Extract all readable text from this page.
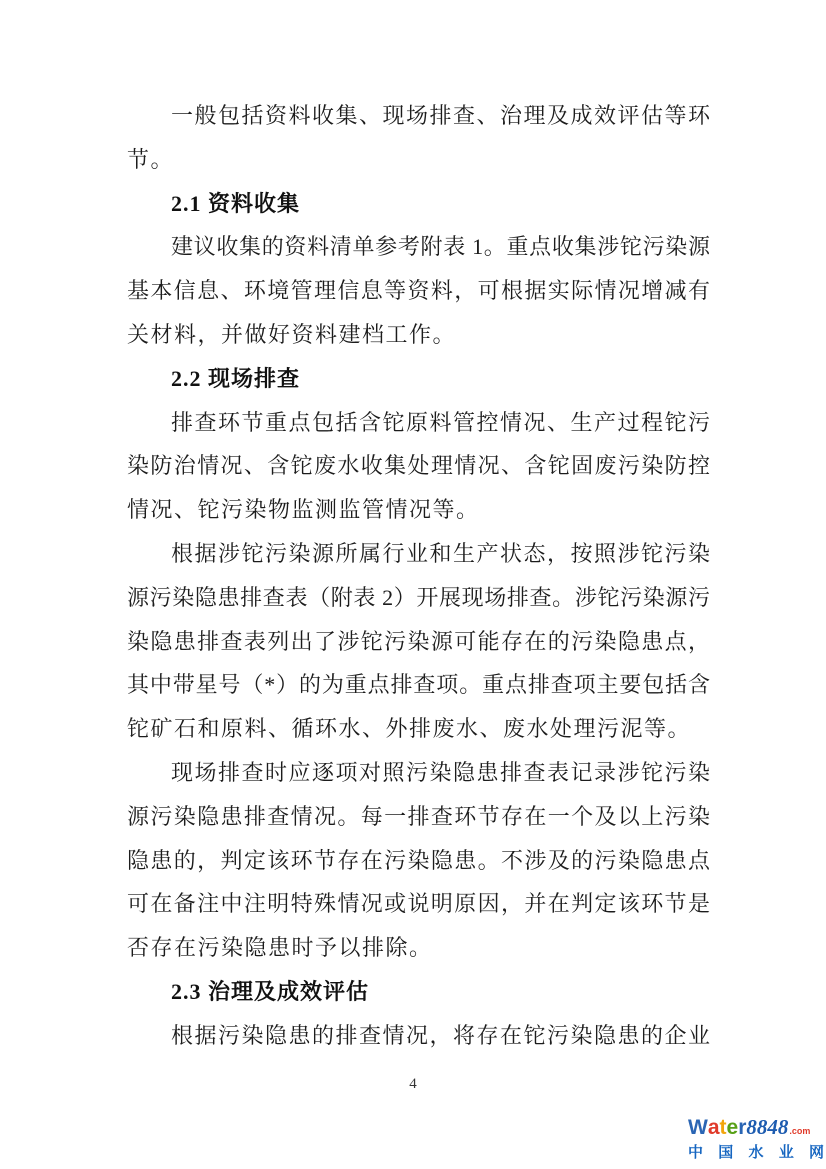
一般包括资料收集、现场排查、治理及成效评估等环
节。
2.1 资料收集
建议收集的资料清单参考附表 1。重点收集涉铊污染源
基本信息、环境管理信息等资料，可根据实际情况增减有
关材料，并做好资料建档工作。
2.2 现场排查
排查环节重点包括含铊原料管控情况、生产过程铊污
染防治情况、含铊废水收集处理情况、含铊固废污染防控
情况、铊污染物监测监管情况等。
根据涉铊污染源所属行业和生产状态，按照涉铊污染
源污染隐患排查表（附表 2）开展现场排查。涉铊污染源污
染隐患排查表列出了涉铊污染源可能存在的污染隐患点，
其中带星号（*）的为重点排查项。重点排查项主要包括含
铊矿石和原料、循环水、外排废水、废水处理污泥等。
现场排查时应逐项对照污染隐患排查表记录涉铊污染
源污染隐患排查情况。每一排查环节存在一个及以上污染
隐患的，判定该环节存在污染隐患。不涉及的污染隐患点
可在备注中注明特殊情况或说明原因，并在判定该环节是
否存在污染隐患时予以排除。
2.3 治理及成效评估
根据污染隐患的排查情况，将存在铊污染隐患的企业
4
W a t e r 8848 .com
中 国 水 业 网
